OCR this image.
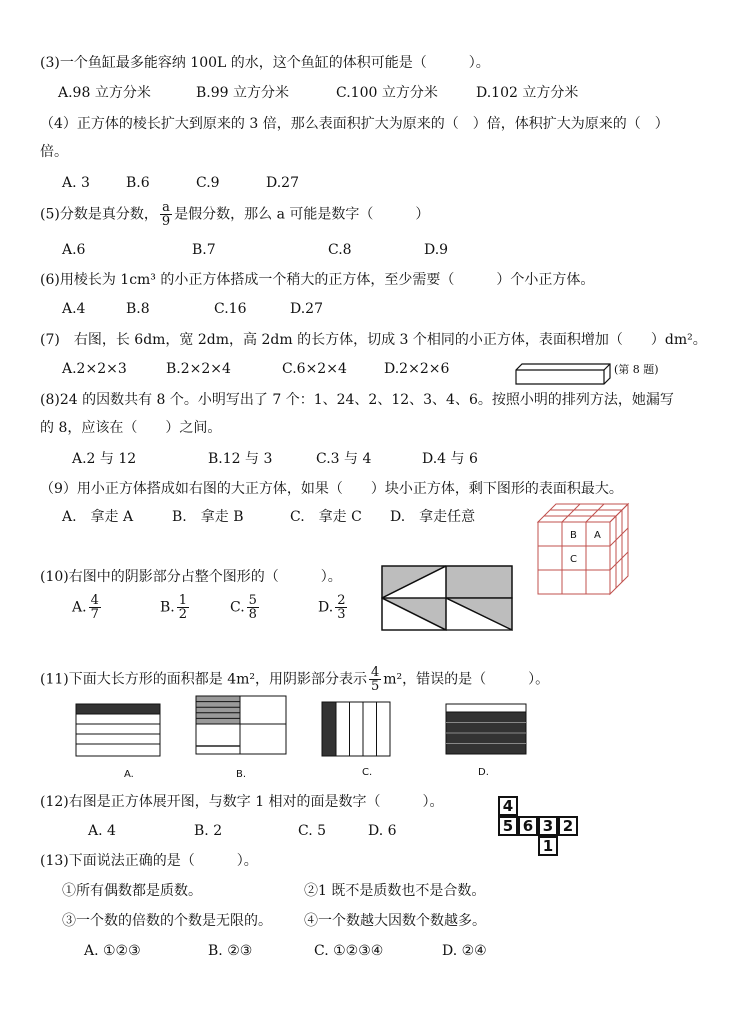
(3)一个鱼缸最多能容纳 100L 的水，这个鱼缸的体积可能是（　　　）。
A.98 立方分米	B.99 立方分米	C.100 立方分米	D.102 立方分米
（4）正方体的棱长扩大到原来的 3 倍，那么表面积扩大为原来的（　）倍，体积扩大为原来的（　）
倍。
A. 3	B.6	C.9	D.27
(5)分数是真分数， $\frac{a}{9}$ 是假分数，那么 a 可能是数字（　　　）
A.6	B.7	C.8	D.9
(6)用棱长为 1cm³ 的小正方体搭成一个稍大的正方体，至少需要（　　　）个小正方体。
A.4	B.8	C.16	D.27
(7)　右图，长 6dm，宽 2dm，高 2dm 的长方体，切成 3 个相同的小正方体，表面积增加（　　）dm²。
A.2×2×3	B.2×2×4	C.6×2×4	D.2×2×6	(第 8 题)
(8)24 的因数共有 8 个。小明写出了 7 个：1、24、2、12、3、4、6。按照小明的排列方法，她漏写
的 8，应该在（　　）之间。
A.2 与 12	B.12 与 3	C.3 与 4	D.4 与 6
（9）用小正方体搭成如右图的大正方体，如果（　　）块小正方体，剩下图形的表面积最大。
A.　拿走 A	B.　拿走 B	C.　拿走 C D.　拿走任意
B A
C
(10)右图中的阴影部分占整个图形的（　　　）。
A. $\frac{4}{7}$	B. $\frac{1}{2}$	C. $\frac{5}{8}$	D. $\frac{2}{3}$
(11)下面大长方形的面积都是 4m²，用阴影部分表示 $\frac{4}{5} m^2$，错误的是（　　　）。
A.	B.	C.	D.
(12)右图是正方体展开图，与数字 1 相对的面是数字（　　　）。
A. 4	B. 2	C. 5	D. 6
4
5 6 3 2
1
(13)下面说法正确的是（　　　）。
①所有偶数都是质数。	②1 既不是质数也不是合数。
③一个数的倍数的个数是无限的。 ④一个数越大因数个数越多。
A. ①②③	B. ②③	C. ①②③④	D. ②④
